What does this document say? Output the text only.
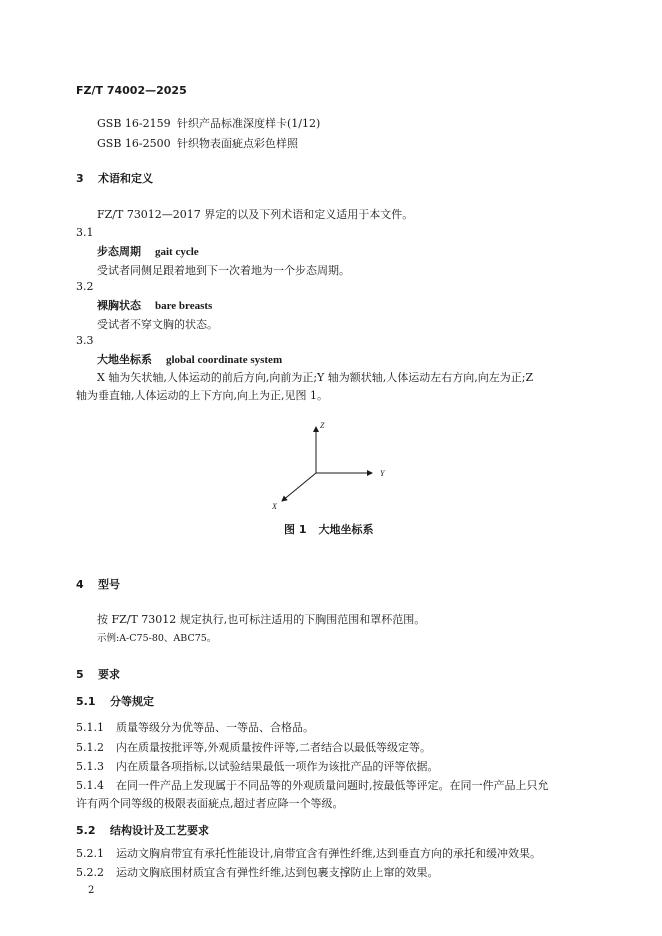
FZ/T 74002—2025
GSB 16-2159 针织产品标准深度样卡(1/12)
GSB 16-2500 针织物表面疵点彩色样照
3 术语和定义
FZ/T 73012—2017 界定的以及下列术语和定义适用于本文件。
3.1
步态周期 gait cycle
受试者同侧足跟着地到下一次着地为一个步态周期。
3.2
裸胸状态 bare breasts
受试者不穿文胸的状态。
3.3
大地坐标系 global coordinate system
X 轴为矢状轴,人体运动的前后方向,向前为正;Y 轴为额状轴,人体运动左右方向,向左为正;Z
轴为垂直轴,人体运动的上下方向,向上为正,见图 1。
Z
Y
X
图 1 大地坐标系
4 型号
按 FZ/T 73012 规定执行,也可标注适用的下胸围范围和罩杯范围。
示例:A-C75-80、ABC75。
5 要求
5.1 分等规定
5.1.1 质量等级分为优等品、一等品、合格品。
5.1.2 内在质量按批评等,外观质量按件评等,二者结合以最低等级定等。
5.1.3 内在质量各项指标,以试验结果最低一项作为该批产品的评等依据。
5.1.4 在同一件产品上发现属于不同品等的外观质量问题时,按最低等评定。在同一件产品上只允
许有两个同等级的极限表面疵点,超过者应降一个等级。
5.2 结构设计及工艺要求
5.2.1 运动文胸肩带宜有承托性能设计,肩带宜含有弹性纤维,达到垂直方向的承托和缓冲效果。
5.2.2 运动文胸底围材质宜含有弹性纤维,达到包裹支撑防止上窜的效果。
2
